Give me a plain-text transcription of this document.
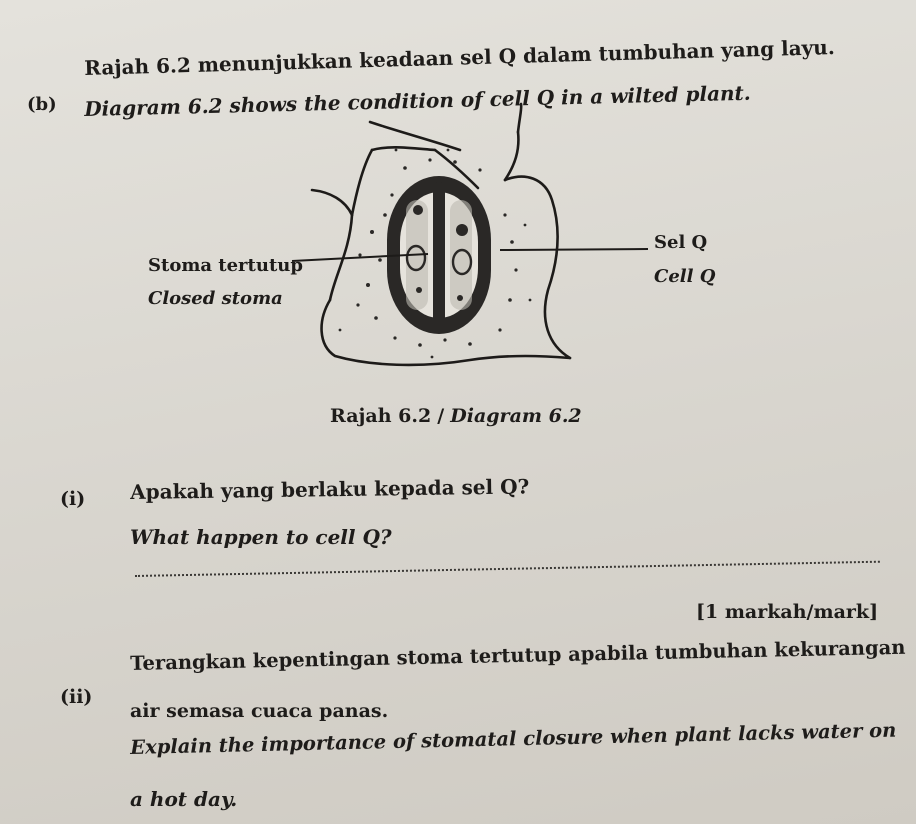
(b)
Rajah 6.2 menunjukkan keadaan sel Q dalam tumbuhan yang layu.
Diagram 6.2 shows the condition of cell Q in a wilted plant.
Stoma tertutup
Closed stoma
Sel Q
Cell Q
Rajah 6.2 / Diagram 6.2
(i) Apakah yang berlaku kepada sel Q?
What happen to cell Q?
[1 markah/mark]
(ii)
Terangkan kepentingan stoma tertutup apabila tumbuhan kekurangan
air semasa cuaca panas.
Explain the importance of stomatal closure when plant lacks water on
a hot day.
